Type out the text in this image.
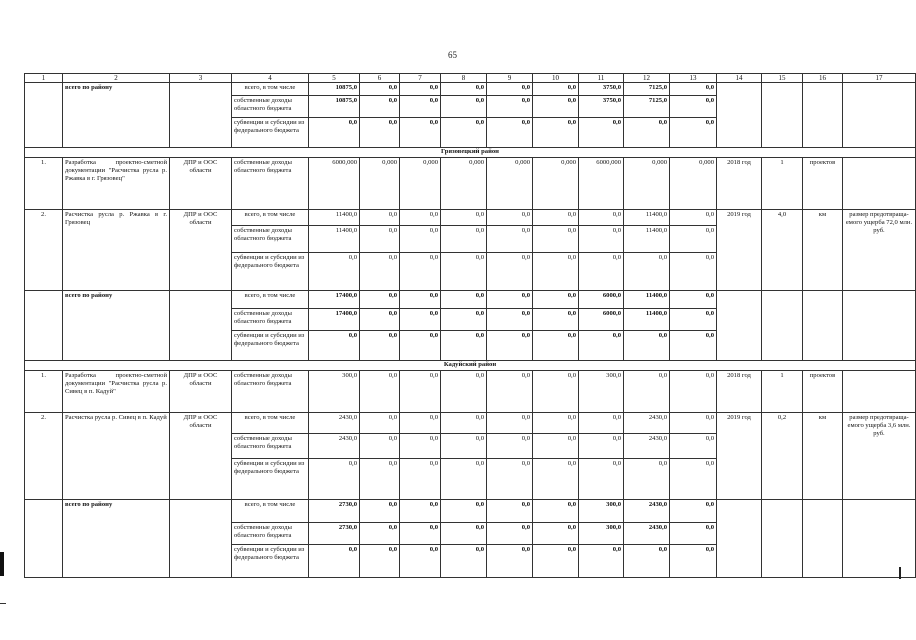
65
1	2	3	4	5	6	7	8	9	10	11	12	13	14	15	16	17
	всего по району		всего, в том числе	10875,0	0,0	0,0	0,0	0,0	0,0	3750,0	7125,0	0,0				
			собственные доходы областного бюджета	10875,0	0,0	0,0	0,0	0,0	0,0	3750,0	7125,0	0,0				
			субвенции и субсидии из федерального бюджета	0,0	0,0	0,0	0,0	0,0	0,0	0,0	0,0	0,0				
Грязовецкий район																
1.	Разработка проектно-сметной документации "Расчистка русла р. Ржавка в г. Грязовец"	ДПР и ООС области	собственные доходы областного бюджета	6000,000	0,000	0,000	0,000	0,000	0,000	6000,000	0,000	0,000	2018 год	1	проектов	
2.	Расчистка русла р. Ржавка в г. Грязовец	ДПР и ООС области	всего, в том числе	11400,0	0,0	0,0	0,0	0,0	0,0	0,0	11400,0	0,0	2019 год	4,0	км	размер предотвраща-емого ущерба 72,0 млн. руб.
			собственные доходы областного бюджета	11400,0	0,0	0,0	0,0	0,0	0,0	0,0	11400,0	0,0				
			субвенции и субсидии из федерального бюджета	0,0	0,0	0,0	0,0	0,0	0,0	0,0	0,0	0,0				
	всего по району		всего, в том числе	17400,0	0,0	0,0	0,0	0,0	0,0	6000,0	11400,0	0,0				
			собственные доходы областного бюджета	17400,0	0,0	0,0	0,0	0,0	0,0	6000,0	11400,0	0,0				
			субвенции и субсидии из федерального бюджета	0,0	0,0	0,0	0,0	0,0	0,0	0,0	0,0	0,0				
Кадуйский район																
1.	Разработка проектно-сметной документации "Расчистка русла р. Сивец в п. Кадуй"	ДПР и ООС области	собственные доходы областного бюджета	300,0	0,0	0,0	0,0	0,0	0,0	300,0	0,0	0,0	2018 год	1	проектов	
2.	Расчистка русла р. Сивец в п. Кадуй	ДПР и ООС области	всего, в том числе	2430,0	0,0	0,0	0,0	0,0	0,0	0,0	2430,0	0,0	2019 год	0,2	км	размер предотвраща-емого ущерба 3,6 млн. руб.
			собственные доходы областного бюджета	2430,0	0,0	0,0	0,0	0,0	0,0	0,0	2430,0	0,0				
			субвенции и субсидии из федерального бюджета	0,0	0,0	0,0	0,0	0,0	0,0	0,0	0,0	0,0				
	всего по району		всего, в том числе	2730,0	0,0	0,0	0,0	0,0	0,0	300,0	2430,0	0,0				
			собственные доходы областного бюджета	2730,0	0,0	0,0	0,0	0,0	0,0	300,0	2430,0	0,0				
			субвенции и субсидии из федерального бюджета	0,0	0,0	0,0	0,0	0,0	0,0	0,0	0,0	0,0				
